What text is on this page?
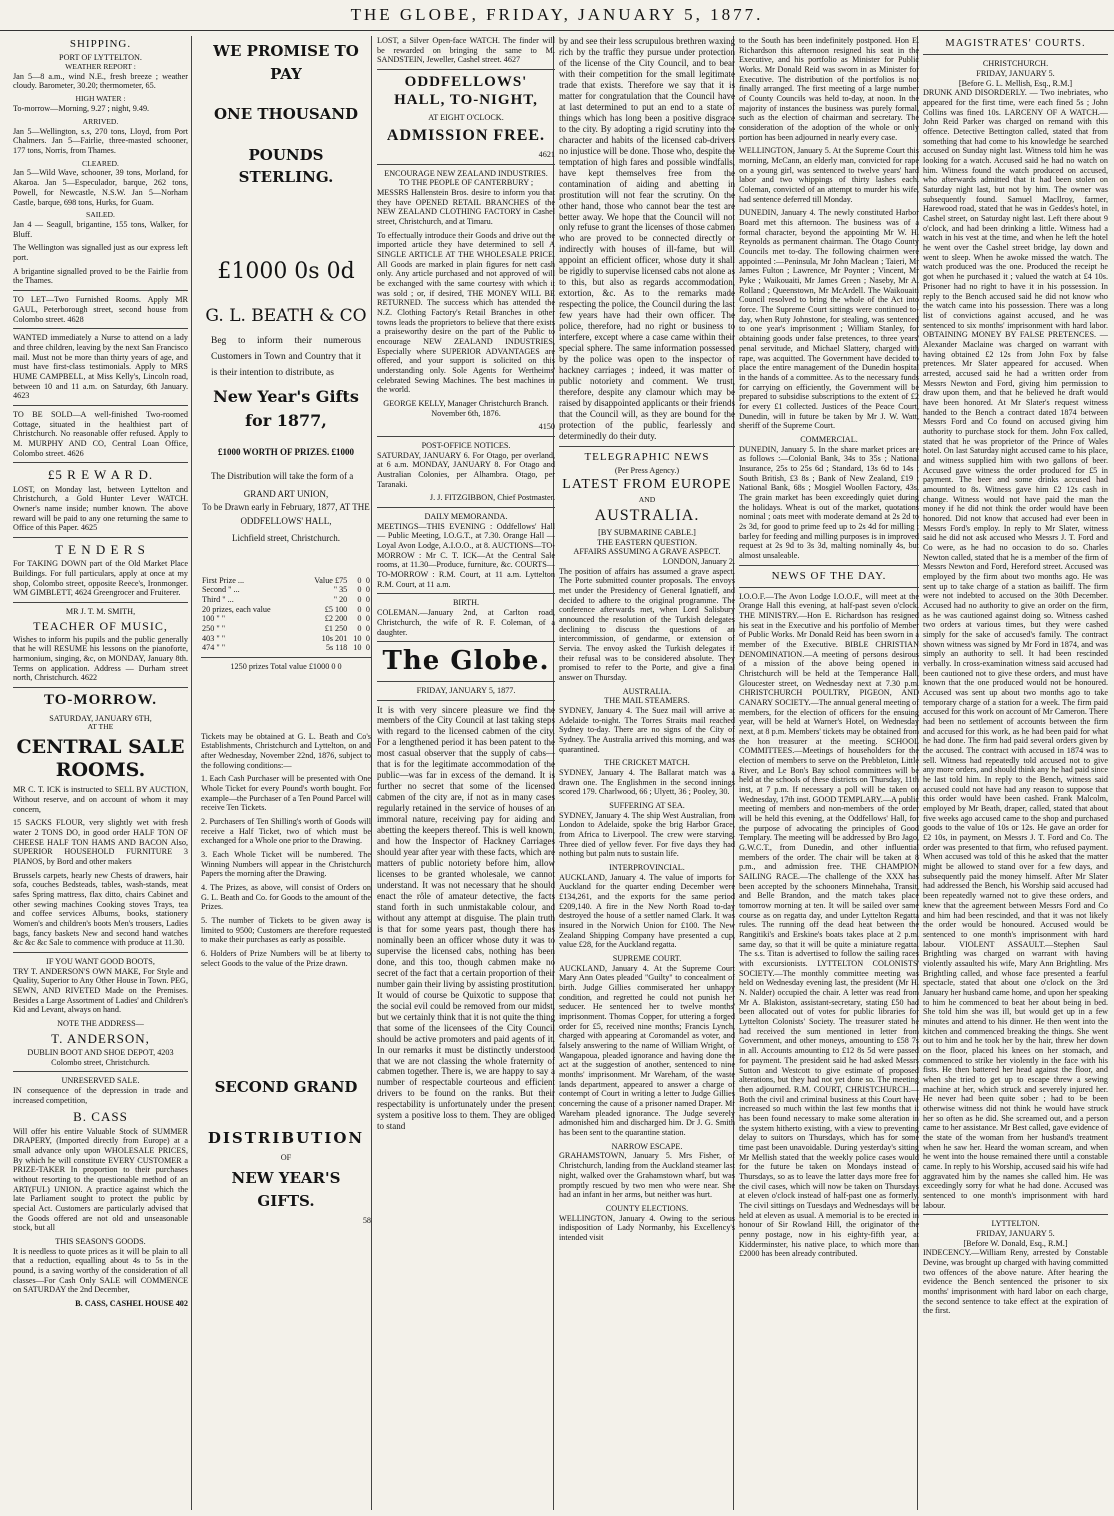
THE GLOBE, FRIDAY, JANUARY 5, 1877.
SHIPPING.
PORT OF LYTTELTON.
WEATHER REPORT :
Jan 5—8 a.m., wind N.E., fresh breeze ; weather cloudy. Barometer, 30.20; thermometer, 65.
HIGH WATER :
To-morrow—Morning, 9.27 ; night, 9.49.
ARRIVED.
Jan 5—Wellington, s.s, 270 tons, Lloyd, from Port Chalmers. Jan 5—Fairlie, three-masted schooner, 177 tons, Norris, from Thames.
CLEARED.
Jan 5—Wild Wave, schooner, 39 tons, Morland, for Akaroa. Jan 5—Especulador, barque, 262 tons, Powell, for Newcastle, N.S.W. Jan 5—Norham Castle, barque, 698 tons, Hurks, for Guam.
SAILED.
Jan 4 — Seagull, brigantine, 155 tons, Walker, for Bluff.
The Wellington was signalled just as our express left port.
A brigantine signalled proved to be the Fairlie from the Thames.
TO LET—Two Furnished Rooms. Apply MR GAUL, Peterborough street, second house from Colombo street. 4628
WANTED immediately a Nurse to attend on a lady and three children, leaving by the next San Francisco mail. Must not be more than thirty years of age, and must have first-class testimonials. Apply to MRS HUME CAMPBELL, at Miss Kelly's, Lincoln road, between 10 and 11 a.m. on Saturday, 6th January. 4623
TO BE SOLD—A well-finished Two-roomed Cottage, situated in the healthiest part of Christchurch. No reasonable offer refused. Apply to M. MURPHY AND CO, Central Loan Office, Colombo street. 4626
£5 R E W A R D.
LOST, on Monday last, between Lyttelton and Christchurch, a Gold Hunter Lever WATCH. Owner's name inside; number known. The above reward will be paid to any one returning the same to Office of this Paper. 4625
T E N D E R S
For TAKING DOWN part of the Old Market Place Buildings. For full particulars, apply at once at my shop, Colombo street, opposite Reece's, Ironmonger. WM GIMBLETT, 4624 Greengrocer and Fruiterer.
MR J. T. M. SMITH,
TEACHER OF MUSIC,
Wishes to inform his pupils and the public generally that he will RESUME his lessons on the pianoforte, harmonium, singing, &c, on MONDAY, January 8th. Terms on application. Address — Durham street north, Christchurch. 4622
TO-MORROW.
SATURDAY, JANUARY 6TH,
AT THE
CENTRAL SALE ROOMS.
MR C. T. ICK is instructed to SELL BY AUCTION, Without reserve, and on account of whom it may concern,
15 SACKS FLOUR, very slightly wet with fresh water 2 TONS DO, in good order HALF TON OF CHEESE HALF TON HAMS AND BACON Also, SUPERIOR HOUSEHOLD FURNITURE 3 PIANOS, by Bord and other makers
Brussels carpets, hearly new Chests of drawers, hair sofa, couches Bedsteads, tables, wash-stands, meat safes Spring mattress, flax ditto, chairs Cabinet and other sewing machines Cooking stoves Trays, tea and coffee services Albums, books, stationery Women's and children's boots Men's trousers, Ladies bags, fancy baskets New and second hand watches &c &c &c Sale to commence with produce at 11.30.
IF YOU WANT GOOD BOOTS,
TRY T. ANDERSON'S OWN MAKE, For Style and Quality, Superior to Any Other House in Town. PEG, SEWN, AND RIVETED Made on the Premises. Besides a Large Assortment of Ladies' and Children's Kid and Levant, always on hand.
NOTE THE ADDRESS—
T. ANDERSON,
DUBLIN BOOT AND SHOE DEPOT, 4203 Colombo street, Christchurch.
UNRESERVED SALE.
IN consequence of the depression in trade and increased competition,
B. CASS
Will offer his entire Valuable Stock of SUMMER DRAPERY, (Imported directly from Europe) at a small advance only upon WHOLESALE PRICES, By which he will constitute EVERY CUSTOMER a PRIZE-TAKER In proportion to their purchases without resorting to the questionable method of an ART(FUL) UNION. A practice against which the late Parliament sought to protect the public by special Act. Customers are particularly advised that the Goods offered are not old and unseasonable stock, but all
THIS SEASON'S GOODS.
It is needless to quote prices as it will be plain to all that a reduction, equalling about 4s to 5s in the pound, is a saving worthy of the consideration of all classes—For Cash Only SALE will COMMENCE on SATURDAY the 2nd December,
B. CASS, CASHEL HOUSE 402
WE PROMISE TO PAY
ONE THOUSAND
POUNDS STERLING.
£1000 0s 0d
G. L. BEATH & CO
Beg to inform their numerous Customers in Town and Country that it is their intention to distribute, as
New Year's Gifts for 1877,
£1000 WORTH OF PRIZES. £1000
The Distribution will take the form of a
GRAND ART UNION,
To be Drawn early in February, 1877, AT THE
ODDFELLOWS' HALL,
Lichfield street, Christchurch.
First Prize ...	Value £75	0	0
Second " ...	" 35	0	0
Third " ...	" 20	0	0
20 prizes, each value	£5 100	0	0
100 " "	£2 200	0	0
250 " "	£1 250	0	0
403 " "	10s 201	10	0
474 " "	5s 118	10	0
1250 prizes Total value £1000 0 0
Tickets may be obtained at G. L. Beath and Co's Establishments, Christchurch and Lyttelton, on and after Wednesday, November 22nd, 1876, subject to the following conditions:—
1. Each Cash Purchaser will be presented with One Whole Ticket for every Pound's worth bought. For example—the Purchaser of a Ten Pound Parcel will receive Ten Tickets.
2. Purchasers of Ten Shilling's worth of Goods will receive a Half Ticket, two of which must be exchanged for a Whole one prior to the Drawing.
3. Each Whole Ticket will be numbered. The Winning Numbers will appear in the Christchurch Papers the morning after the Drawing.
4. The Prizes, as above, will consist of Orders on G. L. Beath and Co. for Goods to the amount of the Prizes.
5. The number of Tickets to be given away is limited to 9500; Customers are therefore requested to make their purchases as early as possible.
6. Holders of Prize Numbers will be at liberty to select Goods to the value of the Prize drawn.
SECOND GRAND
DISTRIBUTION
OF
NEW YEAR'S GIFTS.
58
LOST, a Silver Open-face WATCH. The finder will be rewarded on bringing the same to M. SANDSTEIN, Jeweller, Cashel street. 4627
ODDFELLOWS' HALL, TO-NIGHT,
AT EIGHT O'CLOCK.
ADMISSION FREE.
4621
ENCOURAGE NEW ZEALAND INDUSTRIES.
TO THE PEOPLE OF CANTERBURY ;
MESSRS Hallenstein Bros. desire to inform you that they have OPENED RETAIL BRANCHES of the NEW ZEALAND CLOTHING FACTORY in Cashel street, Christchurch, and at Timaru.
To effectually introduce their Goods and drive out the imported article they have determined to sell A SINGLE ARTICLE AT THE WHOLESALE PRICE. All Goods are marked in plain figures for nett cash only. Any article purchased and not approved of will be exchanged with the same courtesy with which it was sold ; or, if desired, THE MONEY WILL BE RETURNED. The success which has attended the N.Z. Clothing Factory's Retail Branches in other towns leads the proprietors to believe that there exists a praiseworthy desire on the part of the Public to encourage NEW ZEALAND INDUSTRIES, Especially where SUPERIOR ADVANTAGES are offered, and your support is solicited on this understanding only. Sole Agents for Wertheims' celebrated Sewing Machines. The best machines in the world.
GEORGE KELLY, Manager Christchurch Branch. November 6th, 1876.
4150
POST-OFFICE NOTICES.
SATURDAY, JANUARY 6. For Otago, per overland, at 6 a.m. MONDAY, JANUARY 8. For Otago and Australian Colonies, per Alhambra. Otago, per Taranaki.
J. J. FITZGIBBON, Chief Postmaster.
DAILY MEMORANDA.
MEETINGS—THIS EVENING : Oddfellows' Hall — Public Meeting, I.O.G.T., at 7.30. Orange Hall — Loyal Avon Lodge, A.I.O.O., at 8. AUCTIONS—TO-MORROW : Mr C. T. ICK—At the Central Sale rooms, at 11.30—Produce, furniture, &c. COURTS—TO-MORROW : R.M. Court, at 11 a.m. Lyttelton R.M. Court, at 11 a.m.
BIRTH.
COLEMAN.—January 2nd, at Carlton road, Christchurch, the wife of R. F. Coleman, of a daughter.
The Globe.
FRIDAY, JANUARY 5, 1877.
It is with very sincere pleasure we find the members of the City Council at last taking steps with regard to the licensed cabmen of the city. For a lengthened period it has been patent to the most casual observer that the supply of cabs—that is for the legitimate accommodation of the public—was far in excess of the demand. It is further no secret that some of the licensed cabmen of the city are, if not as in many cases regularly retained in the service of houses of an immoral nature, receiving pay for aiding and abetting the keepers thereof. This is well known, and how the Inspector of Hackney Carriages should year after year with these facts, which are matters of public notoriety before him, allow licenses to be granted wholesale, we cannot understand. It was not necessary that he should enact the rôle of amateur detective, the facts stand forth in such unmistakable colour, and without any attempt at disguise. The plain truth is that for some years past, though there has nominally been an officer whose duty it was to supervise the licensed cabs, nothing has been done, and this too, though cabmen make no secret of the fact that a certain proportion of their number gain their living by assisting prostitution. It would of course be Quixotic to suppose that the social evil could be removed from our midst, but we certainly think that it is not quite the thing that some of the licensees of the City Council should be active promoters and paid agents of it. In our remarks it must be distinctly understood that we are not classing the whole fraternity of cabmen together. There is, we are happy to say a number of respectable courteous and efficient drivers to be found on the ranks. But their respectability is unfortunately under the present system a positive loss to them. They are obliged to stand
by and see their less scrupulous brethren waxing rich by the traffic they pursue under protection of the license of the City Council, and to bear with their competition for the small legitimate trade that exists. Therefore we say that it is matter for congratulation that the Council have at last determined to put an end to a state of things which has long been a positive disgrace to the city. By adopting a rigid scrutiny into the character and habits of the licensed cab-drivers no injustice will be done. Those who, despite the temptation of high fares and possible windfalls, have kept themselves free from the contamination of aiding and abetting in prostitution will not fear the scrutiny. On the other hand, those who cannot bear the test are better away. We hope that the Council will not only refuse to grant the licenses of those cabmen who are proved to be connected directly or indirectly with houses of ill-fame, but will appoint an efficient officer, whose duty it shall be rigidly to supervise licensed cabs not alone as to this, but also as regards accommodation, extortion, &c. As to the remarks made respecting the police, the Council during the last few years have had their own officer. The police, therefore, had no right or business to interfere, except where a case came within their special sphere. The same information possessed by the police was open to the inspector of hackney carriages ; indeed, it was matter of public notoriety and comment. We trust, therefore, despite any clamour which may be raised by disappointed applicants or their friends that the Council will, as they are bound for the protection of the public, fearlessly and determinedly do their duty.
TELEGRAPHIC NEWS
(Per Press Agency.)
LATEST FROM EUROPE
AND
AUSTRALIA.
[BY SUBMARINE CABLE.]
THE EASTERN QUESTION.
AFFAIRS ASSUMING A GRAVE ASPECT.
LONDON, January 2.
The position of affairs has assumed a grave aspect. The Porte submitted counter proposals. The envoys met under the Presidency of General Ignatieff, and decided to adhere to the original programme. The conference afterwards met, when Lord Salisbury announced the resolution of the Turkish delegates declining to discuss the questions of an intercommission, of gendarme, or extension of Servia. The envoy asked the Turkish delegates if their refusal was to be considered absolute. They promised to refer to the Porte, and give a final answer on Thursday.
AUSTRALIA.
THE MAIL STEAMERS.
SYDNEY, January 4. The Suez mail will arrive at Adelaide to-night. The Torres Straits mail reached Sydney to-day. There are no signs of the City of Sydney. The Australia arrived this morning, and was quarantined.
THE CRICKET MATCH.
SYDNEY, January 4. The Ballarat match was a drawn one. The Englishmen in the second innings scored 179. Charlwood, 66 ; Ulyett, 36 ; Pooley, 30.
SUFFERING AT SEA.
SYDNEY, January 4. The ship West Australian, from London to Adelaide, spoke the brig Harbor Grace, from Africa to Liverpool. The crew were starving. Three died of yellow fever. For five days they had nothing but palm nuts to sustain life.
INTERPROVINCIAL.
AUCKLAND, January 4. The value of imports for Auckland for the quarter ending December were £134,261, and the exports for the same period £209,140. A fire in the New North Road to-day destroyed the house of a settler named Clark. It was insured in the Norwich Union for £100. The New Zealand Shipping Company have presented a cup, value £28, for the Auckland regatta.
SUPREME COURT.
AUCKLAND, January 4. At the Supreme Court Mary Ann Oates pleaded "Guilty" to concealment of birth. Judge Gillies commiserated her unhappy condition, and regretted he could not punish her seducer. He sentenced her to twelve months' imprisonment. Thomas Copper, for uttering a forged order for £5, received nine months; Francis Lynch, charged with appearing at Coromandel as voter, and falsely answering to the name of William Wright, of Wangapoua, pleaded ignorance and having done the act at the suggestion of another, sentenced to nine months' imprisonment. Mr Wareham, of the waste lands department, appeared to answer a charge of contempt of Court in writing a letter to Judge Gillies concerning the cause of a prisoner named Draper. Mr Wareham pleaded ignorance. The Judge severely admonished him and discharged him. Dr J. G. Smith has been sent to the quarantine station.
NARROW ESCAPE.
GRAHAMSTOWN, January 5. Mrs Fisher, of Christchurch, landing from the Auckland steamer last night, walked over the Grahamstown wharf, but was promptly rescued by two men who were near. She had an infant in her arms, but neither was hurt.
COUNTY ELECTIONS.
WELLINGTON, January 4. Owing to the serious indisposition of Lady Normanby, his Excellency's intended visit
to the South has been indefinitely postponed. Hon E. Richardson this afternoon resigned his seat in the Executive, and his portfolio as Minister for Public Works. Mr Donald Reid was sworn in as Minister for Executive. The distribution of the portfolios is not finally arranged. The first meeting of a large number of County Councils was held to-day, at noon. In the majority of instances the business was purely formal, such as the election of chairman and secretary. The consideration of the adoption of the whole or only portion has been adjourned in nearly every case.
WELLINGTON, January 5. At the Supreme Court this morning, McCann, an elderly man, convicted for rape on a young girl, was sentenced to twelve years' hard labor and two whippings of thirty lashes each. Coleman, convicted of an attempt to murder his wife, had sentence deferred till Monday.
DUNEDIN, January 4. The newly constituted Harbor Board met this afternoon. The business was of a formal character, beyond the appointing Mr W. H. Reynolds as permanent chairman. The Otago County Councils met to-day. The following chairmen were appointed :—Peninsula, Mr John Maclean ; Taieri, Mr James Fulton ; Lawrence, Mr Poynter ; Vincent, Mr Pyke ; Waikouaiti, Mr James Green ; Naseby, Mr A. Rolland ; Queenstown, Mr McArdell. The Waikouaiti Council resolved to bring the whole of the Act into force. The Supreme Court sittings were continued to-day, when Ruty Johnstone, for stealing, was sentenced to one year's imprisonment ; William Stanley, for obtaining goods under false pretences, to three years' penal servitude, and Michael Slattery, charged with rape, was acquitted. The Government have decided to place the entire management of the Dunedin hospital in the hands of a committee. As to the necessary funds for carrying on efficiently, the Government will be prepared to subsidise subscriptions to the extent of £2 for every £1 collected. Justices of the Peace Court, Dunedin, will in future be taken by Mr J. W. Watt, sheriff of the Supreme Court.
COMMERCIAL.
DUNEDIN, January 5. In the share market prices are as follows :—Colonial Bank, 34s to 35s ; National Insurance, 25s to 25s 6d ; Standard, 13s 6d to 14s ; South British, £3 8s ; Bank of New Zealand, £19 ; National Bank, 68s ; Mosgiel Woollen Factory, 43s. The grain market has been exceedingly quiet during the holidays. Wheat is out of the market, quotations nominal ; oats meet with moderate demand at 2s 2d to 2s 3d, for good to prime feed up to 2s 4d for milling ; barley for feeding and milling purposes is in improved request at 2s 9d to 3s 3d, malting nominally 4s, but almost unsaleable.
NEWS OF THE DAY.
I.O.O.F.—The Avon Lodge I.O.O.F., will meet at the Orange Hall this evening, at half-past seven o'clock. THE MINISTRY.—Hon E. Richardson has resigned his seat in the Executive and his portfolio of Member of Public Works. Mr Donald Reid has been sworn in a member of the Executive. BIBLE CHRISTIAN DENOMINATION.—A meeting of persons desirous of a mission of the above being opened in Christchurch will be held at the Temperance Hall, Gloucester street, on Wednesday next at 7.30 p.m. CHRISTCHURCH POULTRY, PIGEON, AND CANARY SOCIETY.—The annual general meeting of members, for the election of officers for the ensuing year, will be held at Warner's Hotel, on Wednesday next, at 8 p.m. Members' tickets may be obtained from the hon treasurer at the meeting. SCHOOL COMMITTEES.—Meetings of householders for the election of members to serve on the Prebbleton, Little River, and Le Bon's Bay school committees will be held at the schools of these districts on Thursday, 11th inst, at 7 p.m. If necessary a poll will be taken on Wednesday, 17th inst. GOOD TEMPLARY.—A public meeting of members and non-members of the order will be held this evening, at the Oddfellows' Hall, for the purpose of advocating the principles of Good Templary. The meeting will be addressed by Bro Jago, G.W.C.T., from Dunedin, and other influential members of the order. The chair will be taken at 8 p.m., and admission free. THE CHAMPION SAILING RACE.—The challenge of the XXX has been accepted by the schooners Minnehaha, Transit, and Belle Brandon, and the match takes place tomorrow morning at ten. It will be sailed over same course as on regatta day, and under Lyttelton Regatta rules. The running off the dead heat between the Rangitiki's and Erskine's boats takes place at 2 p.m. same day, so that it will be quite a miniature regatta. The s.s. Titan is advertised to follow the sailing races with excursionists. LYTTELTON COLONISTS' SOCIETY.—The monthly committee meeting was held on Wednesday evening last, the president (Mr H. N. Nalder) occupied the chair. A letter was read from Mr A. Blakiston, assistant-secretary, stating £50 had been allocated out of votes for public libraries for Lyttelton Colonists' Society. The treasurer stated he had received the sum mentioned in letter from Government, and other moneys, amounting to £58 7s in all. Accounts amounting to £12 8s 5d were passed for payment. The president said he had asked Messrs Sutton and Westcott to give estimate of proposed alterations, but they had not yet done so. The meeting then adjourned. R.M. COURT, CHRISTCHURCH.—Both the civil and criminal business at this Court have increased so much within the last few months that it has been found necessary to make some alteration in the system hitherto existing, with a view to preventing delay to suitors on Thursdays, which has for some time past been unavoidable. During yesterday's sitting Mr Mellish stated that the weekly police cases would for the future be taken on Mondays instead of Thursdays, so as to leave the latter days more free for the civil cases, which will now be taken on Thursdays at eleven o'clock instead of half-past one as formerly. The civil sittings on Tuesdays and Wednesdays will be held at eleven as usual. A memorial is to be erected in honour of Sir Rowland Hill, the originator of the penny postage, now in his eighty-fifth year, at Kidderminster, his native place, to which more than £2000 has been already contributed.
MAGISTRATES' COURTS.
CHRISTCHURCH.
FRIDAY, JANUARY 5.
[Before G. L. Mellish, Esq., R.M.]
DRUNK AND DISORDERLY. — Two inebriates, who appeared for the first time, were each fined 5s ; John Collins was fined 10s. LARCENY OF A WATCH.—John Reid Parker was charged on remand with this offence. Detective Bettington called, stated that from something that had come to his knowledge he searched accused on Sunday night last. Witness told him he was looking for a watch. Accused said he had no watch on him. Witness found the watch produced on accused, who afterwards admitted that it had been stolen on Saturday night last, but not by him. The owner was subsequently found. Samuel MacIlroy, farmer, Harewood road, stated that he was in Geddes's hotel, in Cashel street, on Saturday night last. Left there about 9 o'clock, and had been drinking a little. Witness had a watch in his vest at the time, and when he left the hotel he went over the Cashel street bridge, lay down and went to sleep. When he awoke missed the watch. The watch produced was the one. Produced the receipt he got when he purchased it ; valued the watch at £4 10s. Prisoner had no right to have it in his possession. In reply to the Bench accused said he did not know who the watch came into his possession. There was a long list of convictions against accused, and he was sentenced to six months' imprisonment with hard labor. OBTAINING MONEY BY FALSE PRETENCES. —Alexander Maclaine was charged on warrant with having obtained £2 12s from John Fox by false pretences. Mr Slater appeared for accused. When arrested, accused said he had a written order from Messrs Newton and Ford, giving him permission to draw upon them, and that he believed he draft would have been honored. At Mr Slater's request witness handed to the Bench a contract dated 1874 between Messrs Ford and Co found on accused giving him authority to purchase stock for them. John Fox called, stated that he was proprietor of the Prince of Wales hotel. On last Saturday night accused came to his place, and witness supplied him with two gallons of beer. Accused gave witness the order produced for £5 in payment. The beer and some drinks accused had amounted to 8s. Witness gave him £2 12s cash in change. Witness would not have paid the man the money if he did not think the order would have been honored. Did not know that accused had ever been in Messrs Ford's employ. In reply to Mr Slater, witness said he did not ask accused who Messrs J. T. Ford and Co were, as he had no occasion to do so. Charles Newton called, stated that he is a member of the firm of Messrs Newton and Ford, Hereford street. Accused was employed by the firm about two months ago. He was sent up to take charge of a station as bailiff. The firm were not indebted to accused on the 30th December. Accused had no authority to give an order on the firm, as he was cautioned against doing so. Witness cashed two orders at various times, but they were cashed simply for the sake of accused's family. The contract shown witness was signed by Mr Ford in 1874, and was simply an authority to sell. It had been rescinded verbally. In cross-examination witness said accused had been cautioned not to give these orders, and must have known that the one produced would not be honoured. Accused was sent up about two months ago to take temporary charge of a station for a week. The firm paid accused for this work on account of Mr Cameron. There had been no settlement of accounts between the firm and accused for this work, as he had been paid for what he had done. The firm had paid several orders given by the accused. The contract with accused in 1874 was to sell. Witness had repeatedly told accused not to give any more orders, and should think any he had paid since he last told him. In reply to the Bench, witness said accused could not have had any reason to suppose that this order would have been cashed. Frank Malcolm, employed by Mr Beath, draper, called, stated that about five weeks ago accused came to the shop and purchased goods to the value of 10s or 12s. He gave an order for £2 10s, in payment, on Messrs J. T. Ford and Co. The order was presented to that firm, who refused payment. When accused was told of this he asked that the matter might be allowed to stand over for a few days, and subsequently paid the money himself. After Mr Slater had addressed the Bench, his Worship said accused had been repeatedly warned not to give these orders, and knew that the agreement between Messrs Ford and Co and him had been rescinded, and that it was not likely the order would be honoured. Accused would be sentenced to one month's imprisonment with hard labour. VIOLENT ASSAULT.—Stephen Saul Brightling was charged on warrant with having violently assaulted his wife, Mary Ann Brightling. Mrs Brightling called, and whose face presented a fearful spectacle, stated that about one o'clock on the 3rd January her husband came home, and upon her speaking to him he commenced to beat her about being in bed. She told him she was ill, but would get up in a few minutes and attend to his dinner. He then went into the kitchen and commenced breaking the things. She went out to him and he took her by the hair, threw her down on the floor, placed his knees on her stomach, and commenced to strike her violently in the face with his fists. He then battered her head against the floor, and when she tried to get up to escape threw a sewing machine at her, which struck and severely injured her. He never had been quite sober ; had to be been otherwise witness did not think he would have struck her so often as he did. She screamed out, and a person came to her assistance. Mr Best called, gave evidence of the state of the woman from her husband's treatment when he saw her. Heard the woman scream, and when he went into the house remained there until a constable came. In reply to his Worship, accused said his wife had aggravated him by the names she called him. He was exceedingly sorry for what he had done. Accused was sentenced to one month's imprisonment with hard labour.
LYTTELTON.
FRIDAY, JANUARY 5.
[Before W. Donald, Esq., R.M.]
INDECENCY.—William Reny, arrested by Constable Devine, was brought up charged with having committed two offences of the above nature. After hearing the evidence the Bench sentenced the prisoner to six months' imprisonment with hard labor on each charge, the second sentence to take effect at the expiration of the first.
